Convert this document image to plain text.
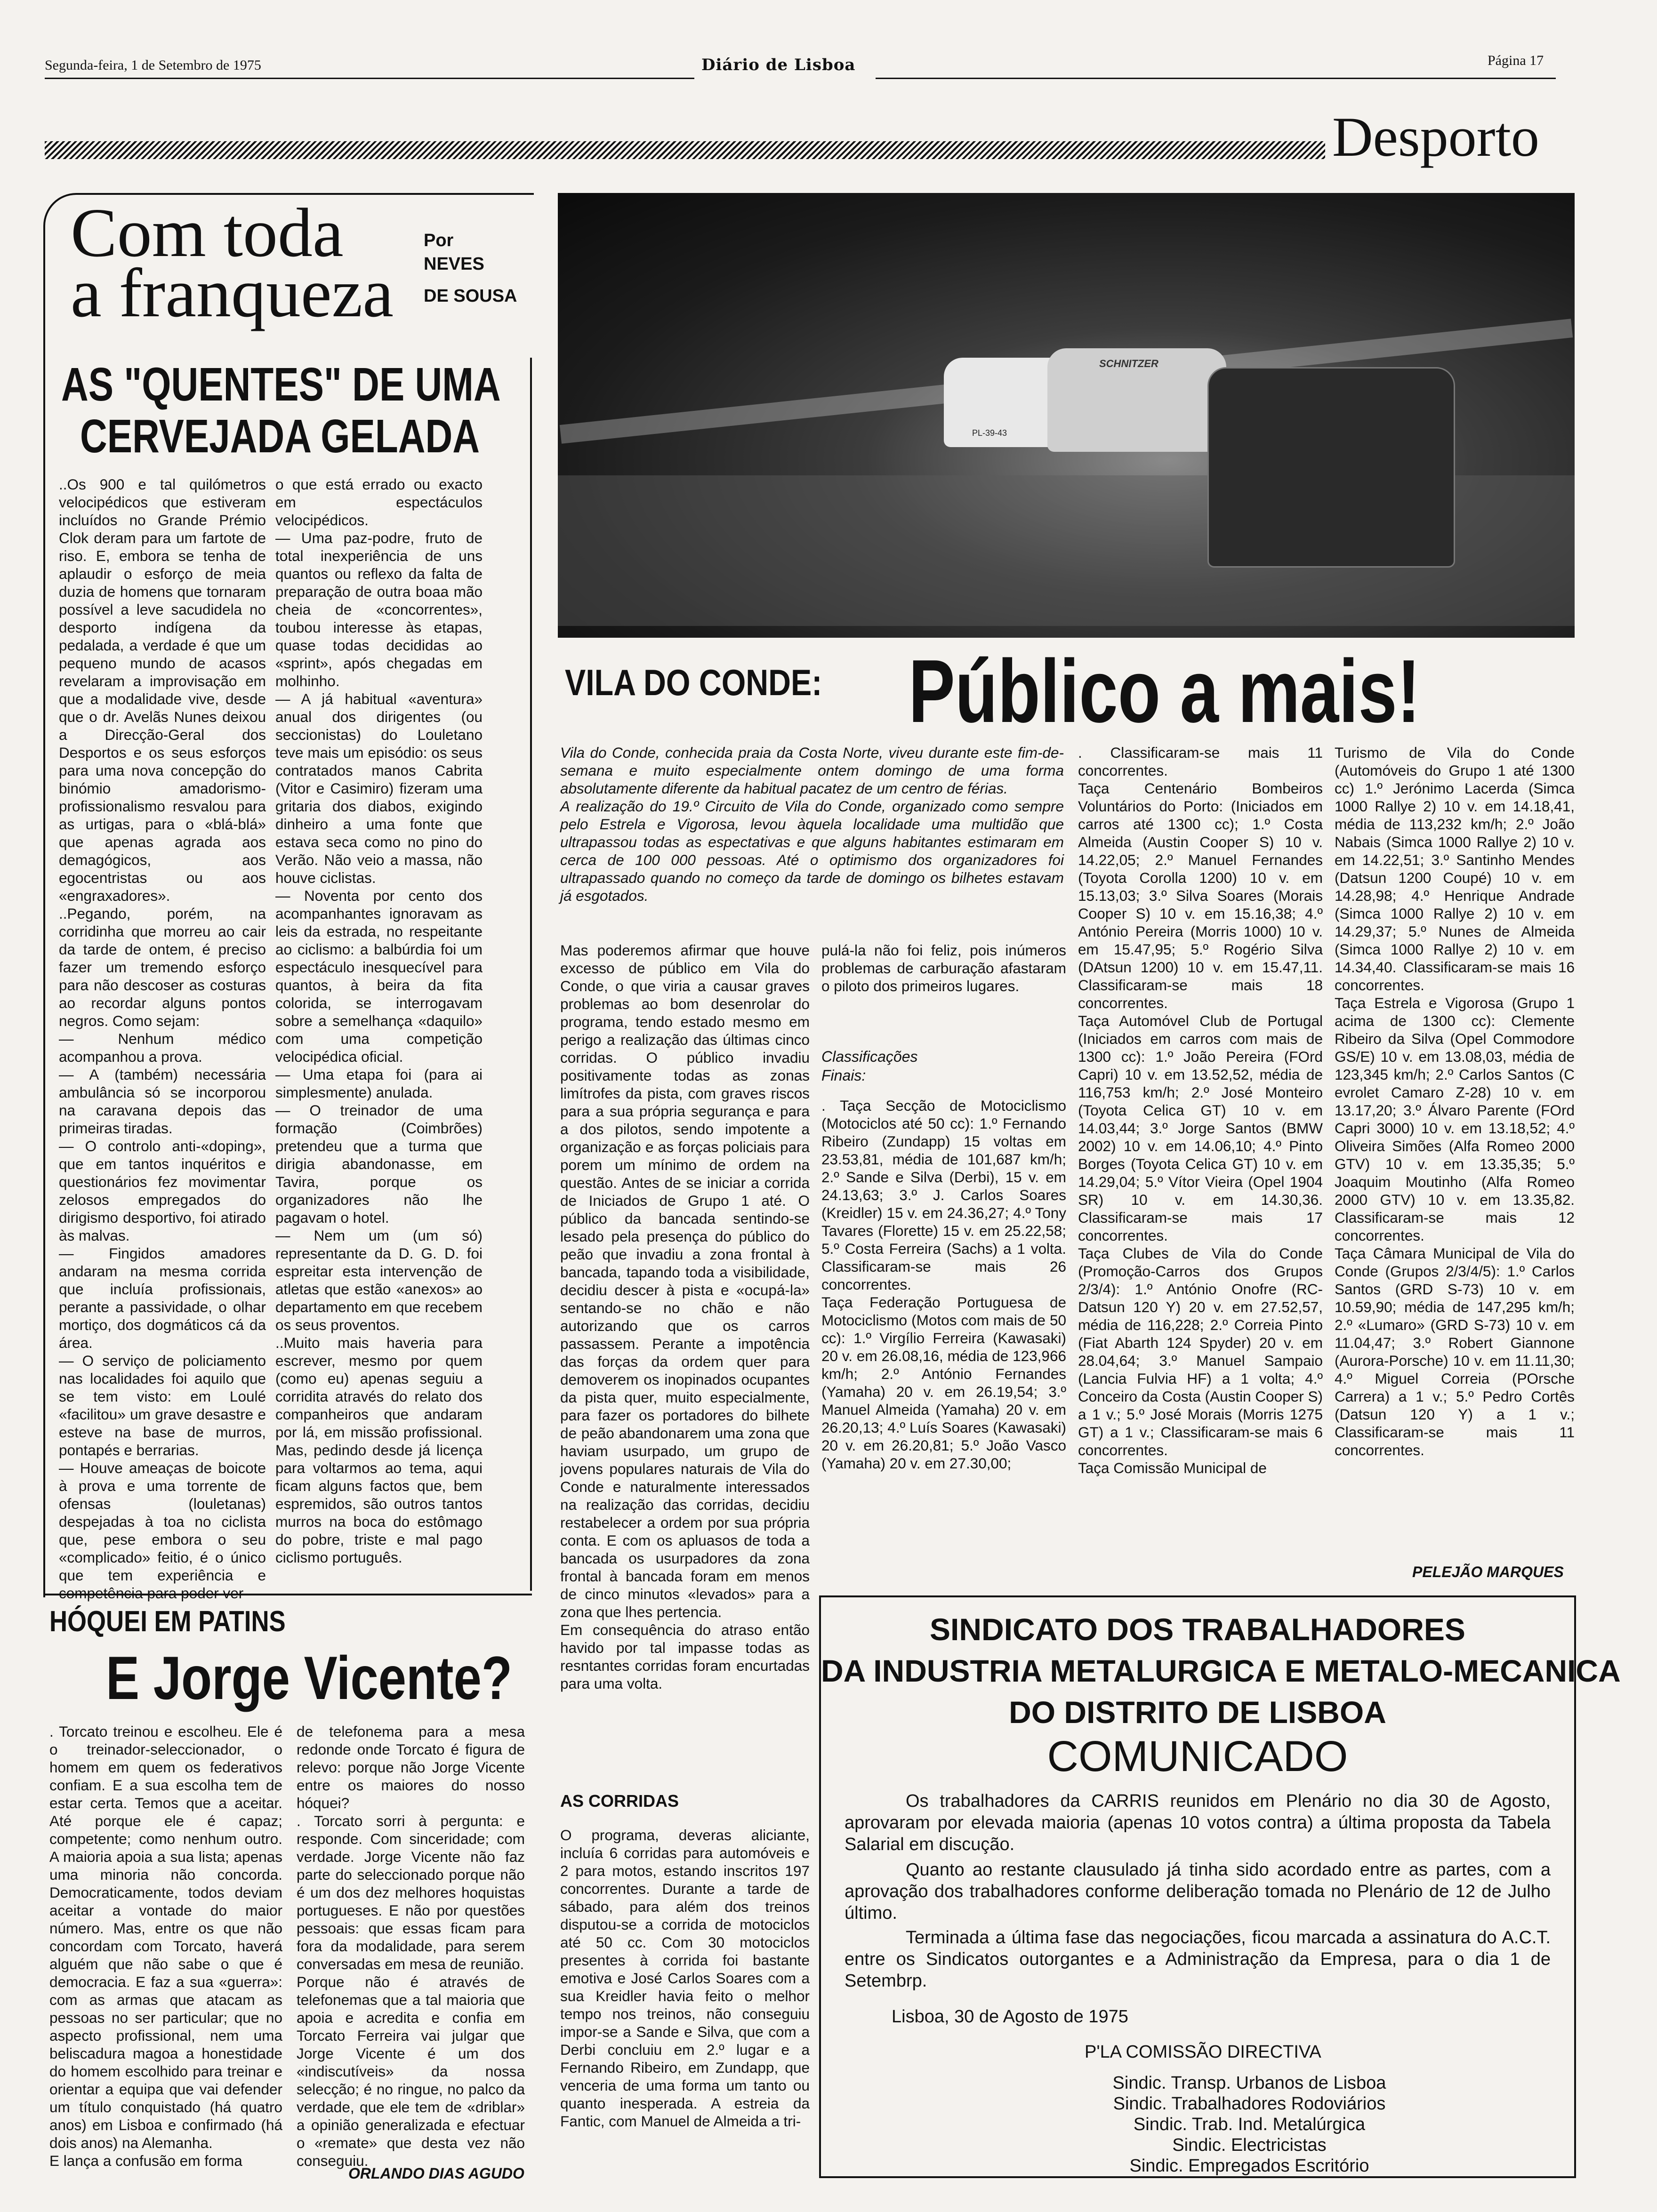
Segunda-feira, 1 de Setembro de 1975	Diário de Lisboa	Página 17
Desporto
Com toda
a franqueza
Por
NEVES
DE SOUSA
AS "QUENTES" DE UMA
CERVEJADA GELADA

..Os 900 e tal quilómetros velocipédicos que estiveram incluídos no Grande Prémio Clok deram para um fartote de riso. E, embora se tenha de aplaudir o esforço de meia duzia de homens que tornaram possível a leve sacudidela no desporto indígena da pedalada, a verdade é que um pequeno mundo de acasos revelaram a improvisação em que a modalidade vive, desde que o dr. Avelãs Nunes deixou a Direcção-Geral dos Desportos e os seus esforços para uma nova concepção do binómio amadorismo-profissionalismo resvalou para as urtigas, para o «blá-blá» que apenas agrada aos demagógicos, aos egocentristas ou aos «engraxadores».
..Pegando, porém, na corridinha que morreu ao cair da tarde de ontem, é preciso fazer um tremendo esforço para não descoser as costuras ao recordar alguns pontos negros. Como sejam:
— Nenhum médico acompanhou a prova.
— A (também) necessária ambulância só se incorporou na caravana depois das primeiras tiradas.
— O controlo anti-«doping», que em tantos inquéritos e questionários fez movimentar zelosos empregados do dirigismo desportivo, foi atirado às malvas.
— Fingidos amadores andaram na mesma corrida que incluía profissionais, perante a passividade, o olhar mortiço, dos dogmáticos cá da área.
— O serviço de policiamento nas localidades foi aquilo que se tem visto: em Loulé «facilitou» um grave desastre e esteve na base de murros, pontapés e berrarias.
— Houve ameaças de boicote à prova e uma torrente de ofensas (louletanas) despejadas à toa no ciclista que, pese embora o seu «complicado» feitio, é o único que tem experiência e competência para poder ver

o que está errado ou exacto em espectáculos velocipédicos.
— Uma paz-podre, fruto de total inexperiência de uns quantos ou reflexo da falta de preparação de outra boaa mão cheia de «concorrentes», toubou interesse às etapas, quase todas decididas ao «sprint», após chegadas em molhinho.
— A já habitual «aventura» anual dos dirigentes (ou seccionistas) do Louletano teve mais um episódio: os seus contratados manos Cabrita (Vitor e Casimiro) fizeram uma gritaria dos diabos, exigindo dinheiro a uma fonte que estava seca como no pino do Verão. Não veio a massa, não houve ciclistas.
— Noventa por cento dos acompanhantes ignoravam as leis da estrada, no respeitante ao ciclismo: a balbúrdia foi um espectáculo inesquecível para quantos, à beira da fita colorida, se interrogavam sobre a semelhança «daquilo» com uma competição velocipédica oficial.
— Uma etapa foi (para ai simplesmente) anulada.
— O treinador de uma formação (Coimbrões) pretendeu que a turma que dirigia abandonasse, em Tavira, porque os organizadores não lhe pagavam o hotel.
— Nem um (um só) representante da D. G. D. foi espreitar esta intervenção de atletas que estão «anexos» ao departamento em que recebem os seus proventos.
..Muito mais haveria para escrever, mesmo por quem (como eu) apenas seguiu a corridita através do relato dos companheiros que andaram por lá, em missão profissional. Mas, pedindo desde já licença para voltarmos ao tema, aqui ficam alguns factos que, bem espremidos, são outros tantos murros na boca do estômago do pobre, triste e mal pago ciclismo português.

HÓQUEI EM PATINS
E Jorge Vicente?

. Torcato treinou e escolheu. Ele é o treinador-seleccionador, o homem em quem os federativos confiam. E a sua escolha tem de estar certa. Temos que a aceitar. Até porque ele é capaz; competente; como nenhum outro. A maioria apoia a sua lista; apenas uma minoria não concorda. Democraticamente, todos deviam aceitar a vontade do maior número. Mas, entre os que não concordam com Torcato, haverá alguém que não sabe o que é democracia. E faz a sua «guerra»: com as armas que atacam as pessoas no ser particular; que no aspecto profissional, nem uma beliscadura magoa a honestidade do homem escolhido para treinar e orientar a equipa que vai defender um título conquistado (há quatro anos) em Lisboa e confirmado (há dois anos) na Alemanha.
E lança a confusão em forma

de telefonema para a mesa redonde onde Torcato é figura de relevo: porque não Jorge Vicente entre os maiores do nosso hóquei?
. Torcato sorri à pergunta: e responde. Com sinceridade; com verdade. Jorge Vicente não faz parte do seleccionado porque não é um dos dez melhores hoquistas portugueses. E não por questões pessoais: que essas ficam para fora da modalidade, para serem conversadas em mesa de reunião.
Porque não é através de telefonemas que a tal maioria que apoia e acredita e confia em Torcato Ferreira vai julgar que Jorge Vicente é um dos «indiscutíveis» da nossa selecção; é no ringue, no palco da verdade, que ele tem de «driblar» a opinião generalizada e efectuar o «remate» que desta vez não conseguiu.

ORLANDO DIAS AGUDO
PL-39-43
SCHNITZER
VILA DO CONDE: Público a mais!

Vila do Conde, conhecida praia da Costa Norte, viveu durante este fim-de-semana e muito especialmente ontem domingo de uma forma absolutamente diferente da habitual pacatez de um centro de férias.
A realização do 19.º Circuito de Vila do Conde, organizado como sempre pelo Estrela e Vigorosa, levou àquela localidade uma multidão que ultrapassou todas as espectativas e que alguns habitantes estimaram em cerca de 100 000 pessoas. Até o optimismo dos organizadores foi ultrapassado quando no começo da tarde de domingo os bilhetes estavam já esgotados.

Mas poderemos afirmar que houve excesso de público em Vila do Conde, o que viria a causar graves problemas ao bom desenrolar do programa, tendo estado mesmo em perigo a realização das últimas cinco corridas. O público invadiu positivamente todas as zonas limítrofes da pista, com graves riscos para a sua própria segurança e para a dos pilotos, sendo impotente a organização e as forças policiais para porem um mínimo de ordem na questão. Antes de se iniciar a corrida de Iniciados de Grupo 1 até. O público da bancada sentindo-se lesado pela presença do público do peão que invadiu a zona frontal à bancada, tapando toda a visibilidade, decidiu descer à pista e «ocupá-la» sentando-se no chão e não autorizando que os carros passassem. Perante a impotência das forças da ordem quer para demoverem os inopinados ocupantes da pista quer, muito especialmente, para fazer os portadores do bilhete de peão abandonarem uma zona que haviam usurpado, um grupo de jovens populares naturais de Vila do Conde e naturalmente interessados na realização das corridas, decidiu restabelecer a ordem por sua própria conta. E com os apluasos de toda a bancada os usurpadores da zona frontal à bancada foram em menos de cinco minutos «levados» para a zona que lhes pertencia.
Em consequência do atraso então havido por tal impasse todas as resntantes corridas foram encurtadas para uma volta.

AS CORRIDAS

O programa, deveras aliciante, incluía 6 corridas para automóveis e 2 para motos, estando inscritos 197 concorrentes. Durante a tarde de sábado, para além dos treinos disputou-se a corrida de motociclos até 50 cc. Com 30 motociclos presentes à corrida foi bastante emotiva e José Carlos Soares com a sua Kreidler havia feito o melhor tempo nos treinos, não conseguiu impor-se a Sande e Silva, que com a Derbi concluiu em 2.º lugar e a Fernando Ribeiro, em Zundapp, que venceria de uma forma um tanto ou quanto inesperada. A estreia da Fantic, com Manuel de Almeida a tri-

pulá-la não foi feliz, pois inúmeros problemas de carburação afastaram o piloto dos primeiros lugares.

Classificações Finais:

. Taça Secção de Motociclismo (Motociclos até 50 cc): 1.º Fernando Ribeiro (Zundapp) 15 voltas em 23.53,81, média de 101,687 km/h; 2.º Sande e Silva (Derbi), 15 v. em 24.13,63; 3.º J. Carlos Soares (Kreidler) 15 v. em 24.36,27; 4.º Tony Tavares (Florette) 15 v. em 25.22,58; 5.º Costa Ferreira (Sachs) a 1 volta. Classificaram-se mais 26 concorrentes.
Taça Federação Portuguesa de Motociclismo (Motos com mais de 50 cc): 1.º Virgílio Ferreira (Kawasaki) 20 v. em 26.08,16, média de 123,966 km/h; 2.º António Fernandes (Yamaha) 20 v. em 26.19,54; 3.º Manuel Almeida (Yamaha) 20 v. em 26.20,13; 4.º Luís Soares (Kawasaki) 20 v. em 26.20,81; 5.º João Vasco (Yamaha) 20 v. em 27.30,00;

. Classificaram-se mais 11 concorrentes.
Taça Centenário Bombeiros Voluntários do Porto: (Iniciados em carros até 1300 cc); 1.º Costa Almeida (Austin Cooper S) 10 v. 14.22,05; 2.º Manuel Fernandes (Toyota Corolla 1200) 10 v. em 15.13,03; 3.º Silva Soares (Morais Cooper S) 10 v. em 15.16,38; 4.º António Pereira (Morris 1000) 10 v. em 15.47,95; 5.º Rogério Silva (DAtsun 1200) 10 v. em 15.47,11. Classificaram-se mais 18 concorrentes.
Taça Automóvel Club de Portugal (Iniciados em carros com mais de 1300 cc): 1.º João Pereira (FOrd Capri) 10 v. em 13.52,52, média de 116,753 km/h; 2.º José Monteiro (Toyota Celica GT) 10 v. em 14.03,44; 3.º Jorge Santos (BMW 2002) 10 v. em 14.06,10; 4.º Pinto Borges (Toyota Celica GT) 10 v. em 14.29,04; 5.º Vítor Vieira (Opel 1904 SR) 10 v. em 14.30,36. Classificaram-se mais 17 concorrentes.
Taça Clubes de Vila do Conde (Promoção-Carros dos Grupos 2/3/4): 1.º António Onofre (RC-Datsun 120 Y) 20 v. em 27.52,57, média de 116,228; 2.º Correia Pinto (Fiat Abarth 124 Spyder) 20 v. em 28.04,64; 3.º Manuel Sampaio (Lancia Fulvia HF) a 1 volta; 4.º Conceiro da Costa (Austin Cooper S) a 1 v.; 5.º José Morais (Morris 1275 GT) a 1 v.; Classificaram-se mais 6 concorrentes.
Taça Comissão Municipal de

Turismo de Vila do Conde (Automóveis do Grupo 1 até 1300 cc) 1.º Jerónimo Lacerda (Simca 1000 Rallye 2) 10 v. em 14.18,41, média de 113,232 km/h; 2.º João Nabais (Simca 1000 Rallye 2) 10 v. em 14.22,51; 3.º Santinho Mendes (Datsun 1200 Coupé) 10 v. em 14.28,98; 4.º Henrique Andrade (Simca 1000 Rallye 2) 10 v. em 14.29,37; 5.º Nunes de Almeida (Simca 1000 Rallye 2) 10 v. em 14.34,40. Classificaram-se mais 16 concorrentes.
Taça Estrela e Vigorosa (Grupo 1 acima de 1300 cc): Clemente Ribeiro da Silva (Opel Commodore GS/E) 10 v. em 13.08,03, média de 123,345 km/h; 2.º Carlos Santos (C evrolet Camaro Z-28) 10 v. em 13.17,20; 3.º Álvaro Parente (FOrd Capri 3000) 10 v. em 13.18,52; 4.º Oliveira Simões (Alfa Romeo 2000 GTV) 10 v. em 13.35,35; 5.º Joaquim Moutinho (Alfa Romeo 2000 GTV) 10 v. em 13.35,82. Classificaram-se mais 12 concorrentes.
Taça Câmara Municipal de Vila do Conde (Grupos 2/3/4/5): 1.º Carlos Santos (GRD S-73) 10 v. em 10.59,90; média de 147,295 km/h; 2.º «Lumaro» (GRD S-73) 10 v. em 11.04,47; 3.º Robert Giannone (Aurora-Porsche) 10 v. em 11.11,30; 4.º Miguel Correia (POrsche Carrera) a 1 v.; 5.º Pedro Cortês (Datsun 120 Y) a 1 v.; Classificaram-se mais 11 concorrentes.

PELEJÃO MARQUES
SINDICATO DOS TRABALHADORES
DA INDUSTRIA METALURGICA E METALO-MECANICA
DO DISTRITO DE LISBOA
COMUNICADO

Os trabalhadores da CARRIS reunidos em Plenário no dia 30 de Agosto, aprovaram por elevada maioria (apenas 10 votos contra) a última proposta da Tabela Salarial em discução.

Quanto ao restante clausulado já tinha sido acordado entre as partes, com a aprovação dos trabalhadores conforme deliberação tomada no Plenário de 12 de Julho último.

Terminada a última fase das negociações, ficou marcada a assinatura do A.C.T. entre os Sindicatos outorgantes e a Administração da Empresa, para o dia 1 de Setembrp.

Lisboa, 30 de Agosto de 1975
P'LA COMISSÃO DIRECTIVA
Sindic. Transp. Urbanos de Lisboa
Sindic. Trabalhadores Rodoviários
Sindic. Trab. Ind. Metalúrgica
Sindic. Electricistas
Sindic. Empregados Escritório
